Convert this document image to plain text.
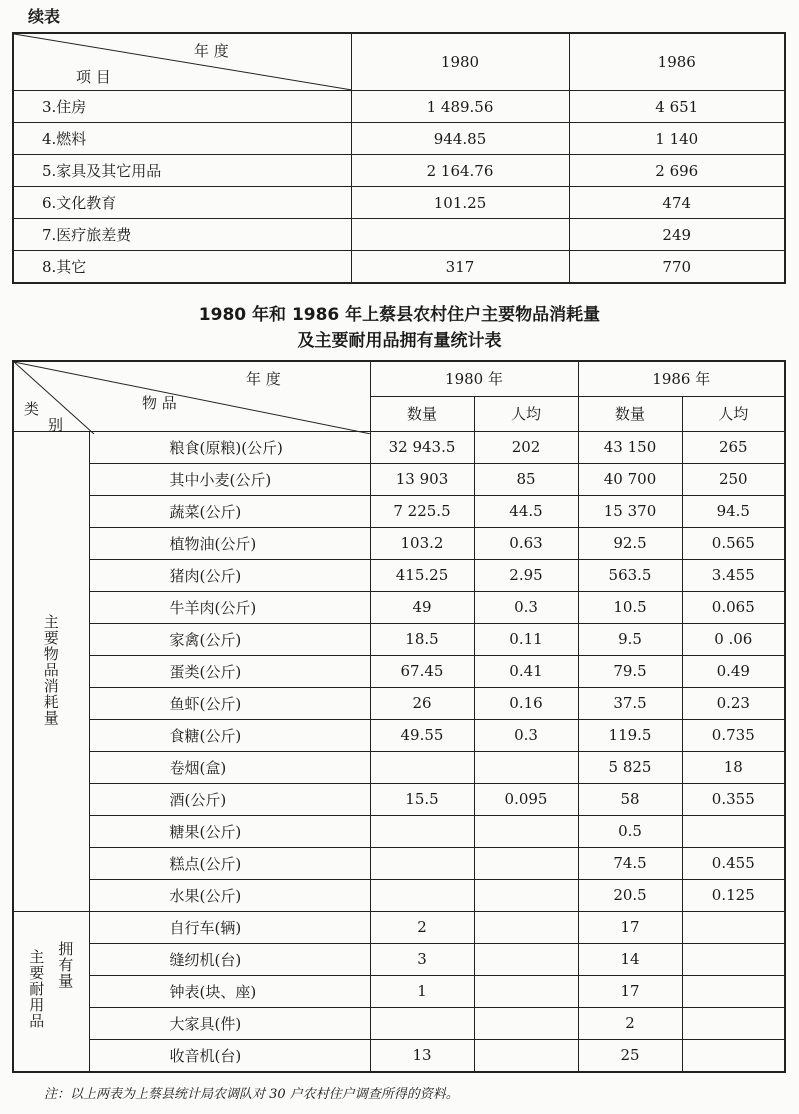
续表
年 度
项 目	1980	1986
3.住房	1 489.56	4 651
4.燃料	944.85	1 140
5.家具及其它用品	2 164.76	2 696
6.文化教育	101.25	474
7.医疗旅差费		249
8.其它	317	770
1980 年和 1986 年上蔡县农村住户主要物品消耗量
及主要耐用品拥有量统计表
年 度
物 品
类
别		1980 年		1986 年	
		数量	人均	数量	人均
主要物品消耗量	粮食(原粮)(公斤)	32 943.5	202	43 150	265
	其中小麦(公斤)	13 903	85	40 700	250
	蔬菜(公斤)	7 225.5	44.5	15 370	94.5
	植物油(公斤)	103.2	0.63	92.5	0.565
	猪肉(公斤)	415.25	2.95	563.5	3.455
	牛羊肉(公斤)	49	0.3	10.5	0.065
	家禽(公斤)	18.5	0.11	9.5	0 .06
	蛋类(公斤)	67.45	0.41	79.5	0.49
	鱼虾(公斤)	26	0.16	37.5	0.23
	食糖(公斤)	49.55	0.3	119.5	0.735
	卷烟(盒)			5 825	18
	酒(公斤)	15.5	0.095	58	0.355
	糖果(公斤)			0.5	
	糕点(公斤)			74.5	0.455
	水果(公斤)			20.5	0.125
主要耐用品 拥有量	自行车(辆)	2		17	
	缝纫机(台)	3		14	
	钟表(块、座)	1		17	
	大家具(件)			2	
	收音机(台)	13		25	
注：以上两表为上蔡县统计局农调队对 30 户农村住户调查所得的资料。
